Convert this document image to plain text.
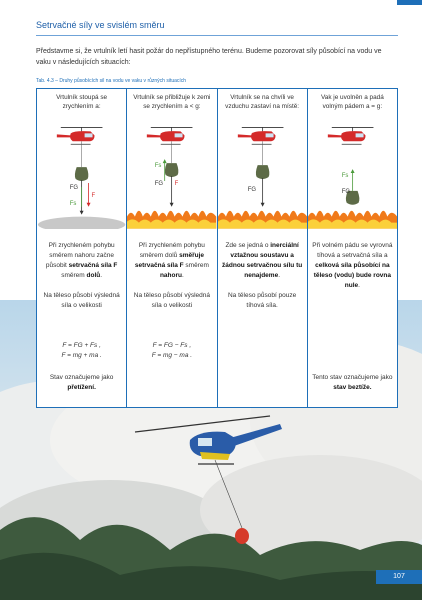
Setrvačné síly ve svislém směru
Představme si, že vrtulník letí hasit požár do nepřístupného terénu. Budeme pozorovat síly působící na vodu ve vaku v následujících situacích:
Tab. 4.3 – Druhy působících sil na vodu ve vaku v různých situacích
Vrtulník stoupá se zrychlením a:
FG
Fs
F
Při zrychleném pohybu směrem nahoru začne působit setrvačná síla F směrem dolů.

Na těleso působí výsledná síla o velikosti
F = FG + Fs ,
F = mg + ma .
Stav označujeme jako
přetížení.
Vrtulník se přibližuje k zemi se zrychlením a < g:
Fs
FG F
Při zrychleném pohybu směrem dolů směřuje setrvačná síla F směrem nahoru.

Na těleso působí výsledná síla o velikosti
F = FG − Fs ,
F = mg − ma .
Vrtulník se na chvíli ve vzduchu zastaví na místě:
FG
Zde se jedná o inerciální vztažnou soustavu a žádnou setrvačnou sílu tu nenajdeme.

Na těleso působí pouze tíhová síla.
Vak je uvolněn a padá volným pádem a = g:
Fs
FG
Při volném pádu se vyrovná tíhová a setrvačná síla a celková síla působící na těleso (vodu) bude rovna nule.
Tento stav označujeme jako
stav beztíže.
107
